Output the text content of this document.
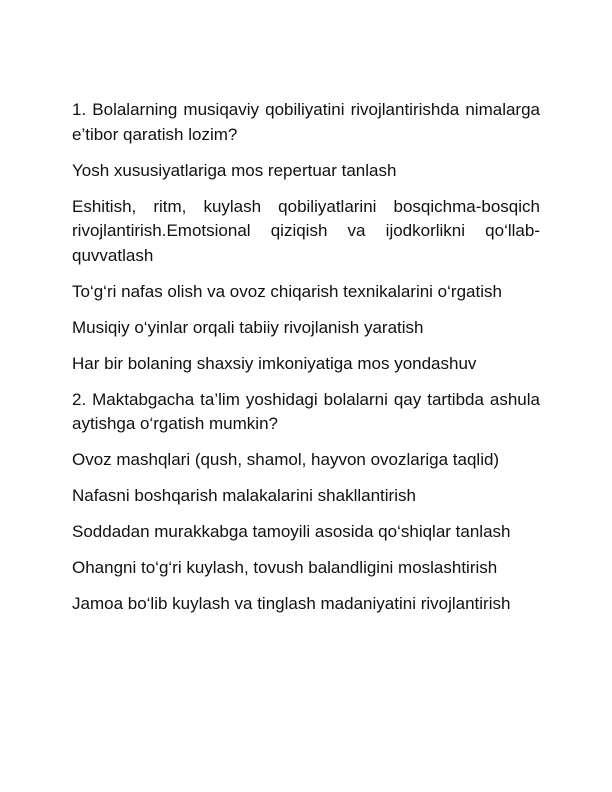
1. Bolalarning musiqaviy qobiliyatini rivojlantirishda nimalarga e’tibor qaratish lozim?

Yosh xususiyatlariga mos repertuar tanlash

Eshitish, ritm, kuylash qobiliyatlarini bosqichma-bosqich rivojlantirish.Emotsional qiziqish va ijodkorlikni qo‘llab-quvvatlash

To‘g‘ri nafas olish va ovoz chiqarish texnikalarini o‘rgatish

Musiqiy o‘yinlar orqali tabiiy rivojlanish yaratish

Har bir bolaning shaxsiy imkoniyatiga mos yondashuv

2. Maktabgacha ta’lim yoshidagi bolalarni qay tartibda ashula aytishga o‘rgatish mumkin?

Ovoz mashqlari (qush, shamol, hayvon ovozlariga taqlid)

Nafasni boshqarish malakalarini shakllantirish

Soddadan murakkabga tamoyili asosida qo‘shiqlar tanlash

Ohangni to‘g‘ri kuylash, tovush balandligini moslashtirish

Jamoa bo‘lib kuylash va tinglash madaniyatini rivojlantirish
